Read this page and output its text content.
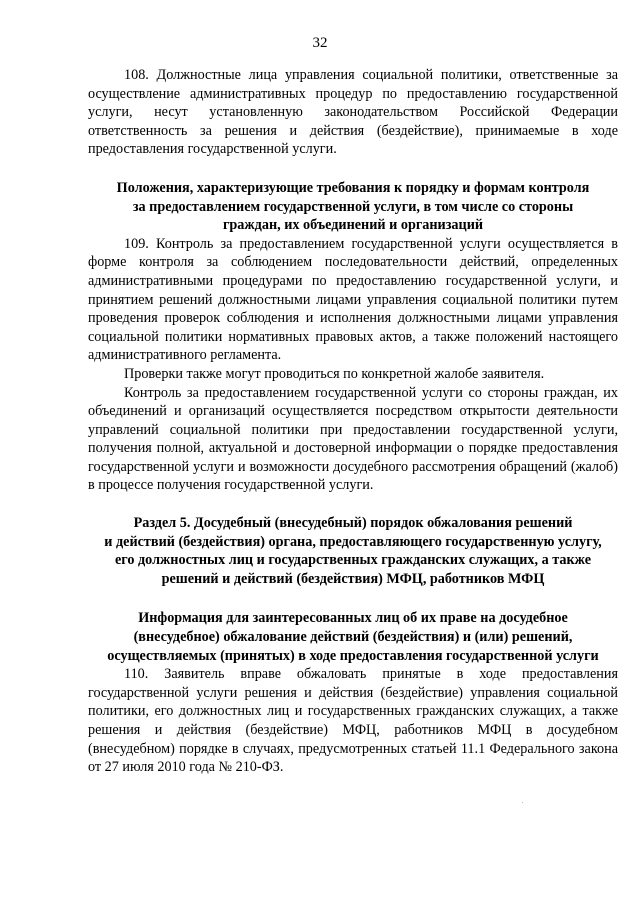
32

108. Должностные лица управления социальной политики, ответственные за осуществление административных процедур по предоставлению государственной услуги, несут установленную законодательством Российской Федерации ответственность за решения и действия (бездействие), принимаемые в ходе предоставления государственной услуги.

Положения, характеризующие требования к порядку и формам контроля
за предоставлением государственной услуги, в том числе со стороны
граждан, их объединений и организаций

109. Контроль за предоставлением государственной услуги осуществляется в форме контроля за соблюдением последовательности действий, определенных административными процедурами по предоставлению государственной услуги, и принятием решений должностными лицами управления социальной политики путем проведения проверок соблюдения и исполнения должностными лицами управления социальной политики нормативных правовых актов, а также положений настоящего административного регламента.

Проверки также могут проводиться по конкретной жалобе заявителя.

Контроль за предоставлением государственной услуги со стороны граждан, их объединений и организаций осуществляется посредством открытости деятельности управлений социальной политики при предоставлении государственной услуги, получения полной, актуальной и достоверной информации о порядке предоставления государственной услуги и возможности досудебного рассмотрения обращений (жалоб) в процессе получения государственной услуги.

Раздел 5. Досудебный (внесудебный) порядок обжалования решений
и действий (бездействия) органа, предоставляющего государственную услугу,
его должностных лиц и государственных гражданских служащих, а также
решений и действий (бездействия) МФЦ, работников МФЦ
Информация для заинтересованных лиц об их праве на досудебное
(внесудебное) обжалование действий (бездействия) и (или) решений,
осуществляемых (принятых) в ходе предоставления государственной услуги

110. Заявитель вправе обжаловать принятые в ходе предоставления государственной услуги решения и действия (бездействие) управления социальной политики, его должностных лиц и государственных гражданских служащих, а также решения и действия (бездействие) МФЦ, работников МФЦ в досудебном (внесудебном) порядке в случаях, предусмотренных статьей 11.1 Федерального закона от 27 июля 2010 года № 210-ФЗ.
